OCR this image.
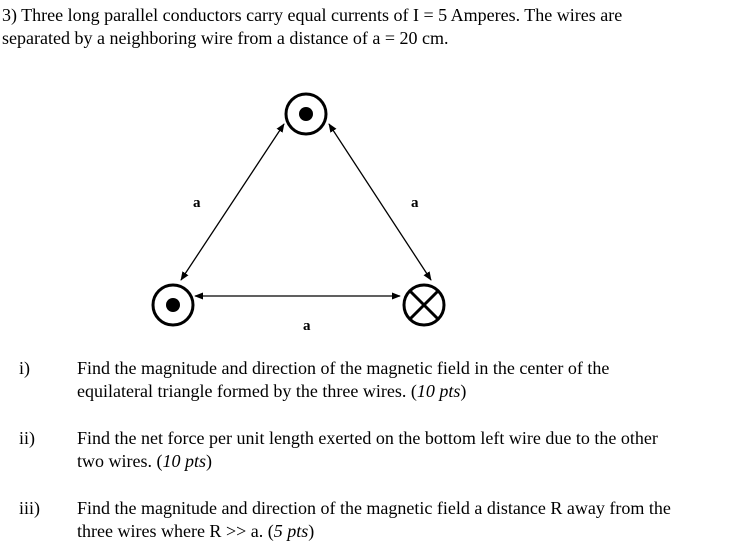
3) Three long parallel conductors carry equal currents of I = 5 Amperes. The wires are
separated by a neighboring wire from a distance of a = 20 cm.
a	a
a
i)	Find the magnitude and direction of the magnetic field in the center of the
equilateral triangle formed by the three wires. (10 pts)
ii) Find the net force per unit length exerted on the bottom left wire due to the other
two wires. (10 pts)
iii) Find the magnitude and direction of the magnetic field a distance R away from the
three wires where R >> a. (5 pts)
